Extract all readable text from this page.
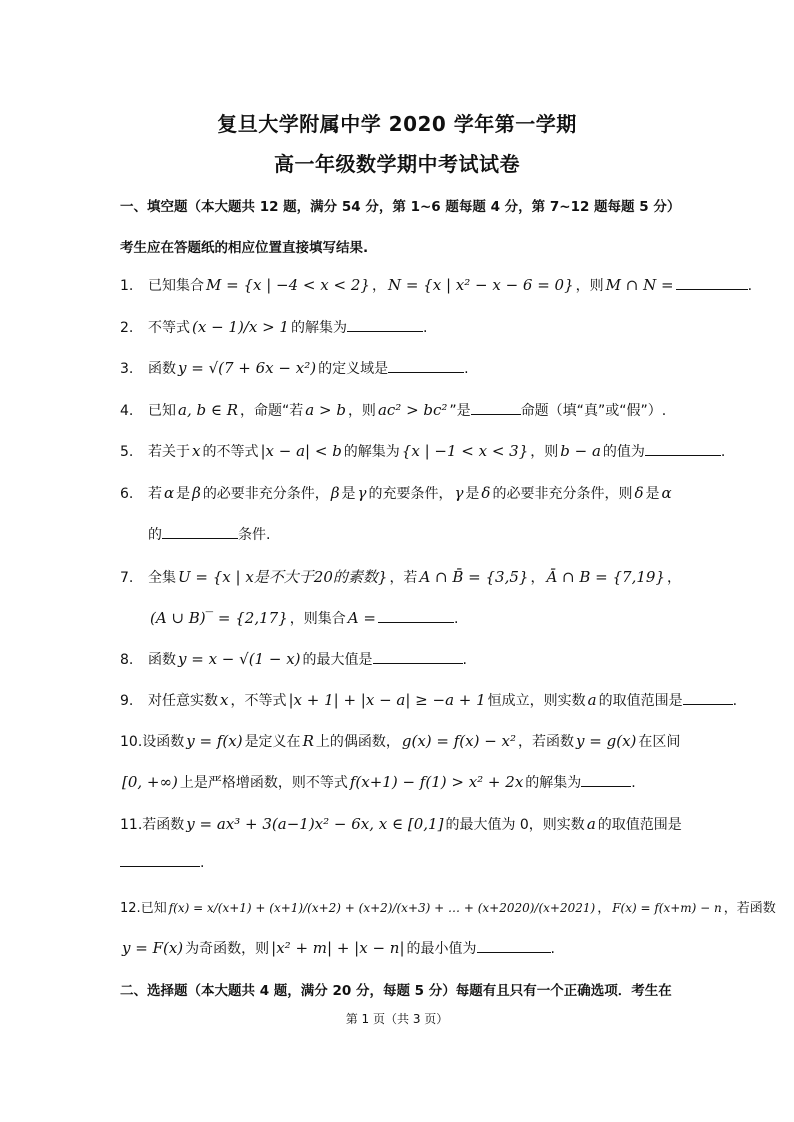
复旦大学附属中学 2020 学年第一学期
高一年级数学期中考试试卷
一、填空题（本大题共 12 题，满分 54 分，第 1~6 题每题 4 分，第 7~12 题每题 5 分）
考生应在答题纸的相应位置直接填写结果.
1. 已知集合 M = {x | −4 < x < 2} ， N = {x | x² − x − 6 = 0} ，则 M ∩ N =	.
2. 不等式 (x − 1)/x > 1 的解集为	.
3. 函数 y = √(7 + 6x − x²) 的定义域是	.
4. 已知 a, b ∈ R ，命题“若 a > b ，则 ac² > bc² ”是	命题（填“真”或“假”）.
5. 若关于 x 的不等式 |x − a| < b 的解集为 {x | −1 < x < 3} ，则 b − a 的值为	.
6. 若 α 是 β 的必要非充分条件， β 是 γ 的充要条件， γ 是 δ 的必要非充分条件，则 δ 是 α
的	条件.
7. 全集 U = {x | x是不大于20的素数} ，若 A ∩ B̄ = {3,5} ， Ā ∩ B = {7,19} ，
(A ∪ B)‾ = {2,17} ，则集合 A =	.
8. 函数 y = x − √(1 − x) 的最大值是	.
9. 对任意实数 x ，不等式 |x + 1| + |x − a| ≥ −a + 1 恒成立，则实数 a 的取值范围是	.
10.设函数 y = f(x) 是定义在 R 上的偶函数， g(x) = f(x) − x² ，若函数 y = g(x) 在区间
[0, +∞) 上是严格增函数，则不等式 f(x+1) − f(1) > x² + 2x 的解集为	.
11.若函数 y = ax³ + 3(a−1)x² − 6x, x ∈ [0,1] 的最大值为 0，则实数 a 的取值范围是
.
12.已知 f(x) = x/(x+1) + (x+1)/(x+2) + (x+2)/(x+3) + … + (x+2020)/(x+2021) ， F(x) = f(x+m) − n ，若函数
y = F(x) 为奇函数，则 |x² + m| + |x − n| 的最小值为	.
二、选择题（本大题共 4 题，满分 20 分，每题 5 分）每题有且只有一个正确选项．考生在
第 1 页（共 3 页）
